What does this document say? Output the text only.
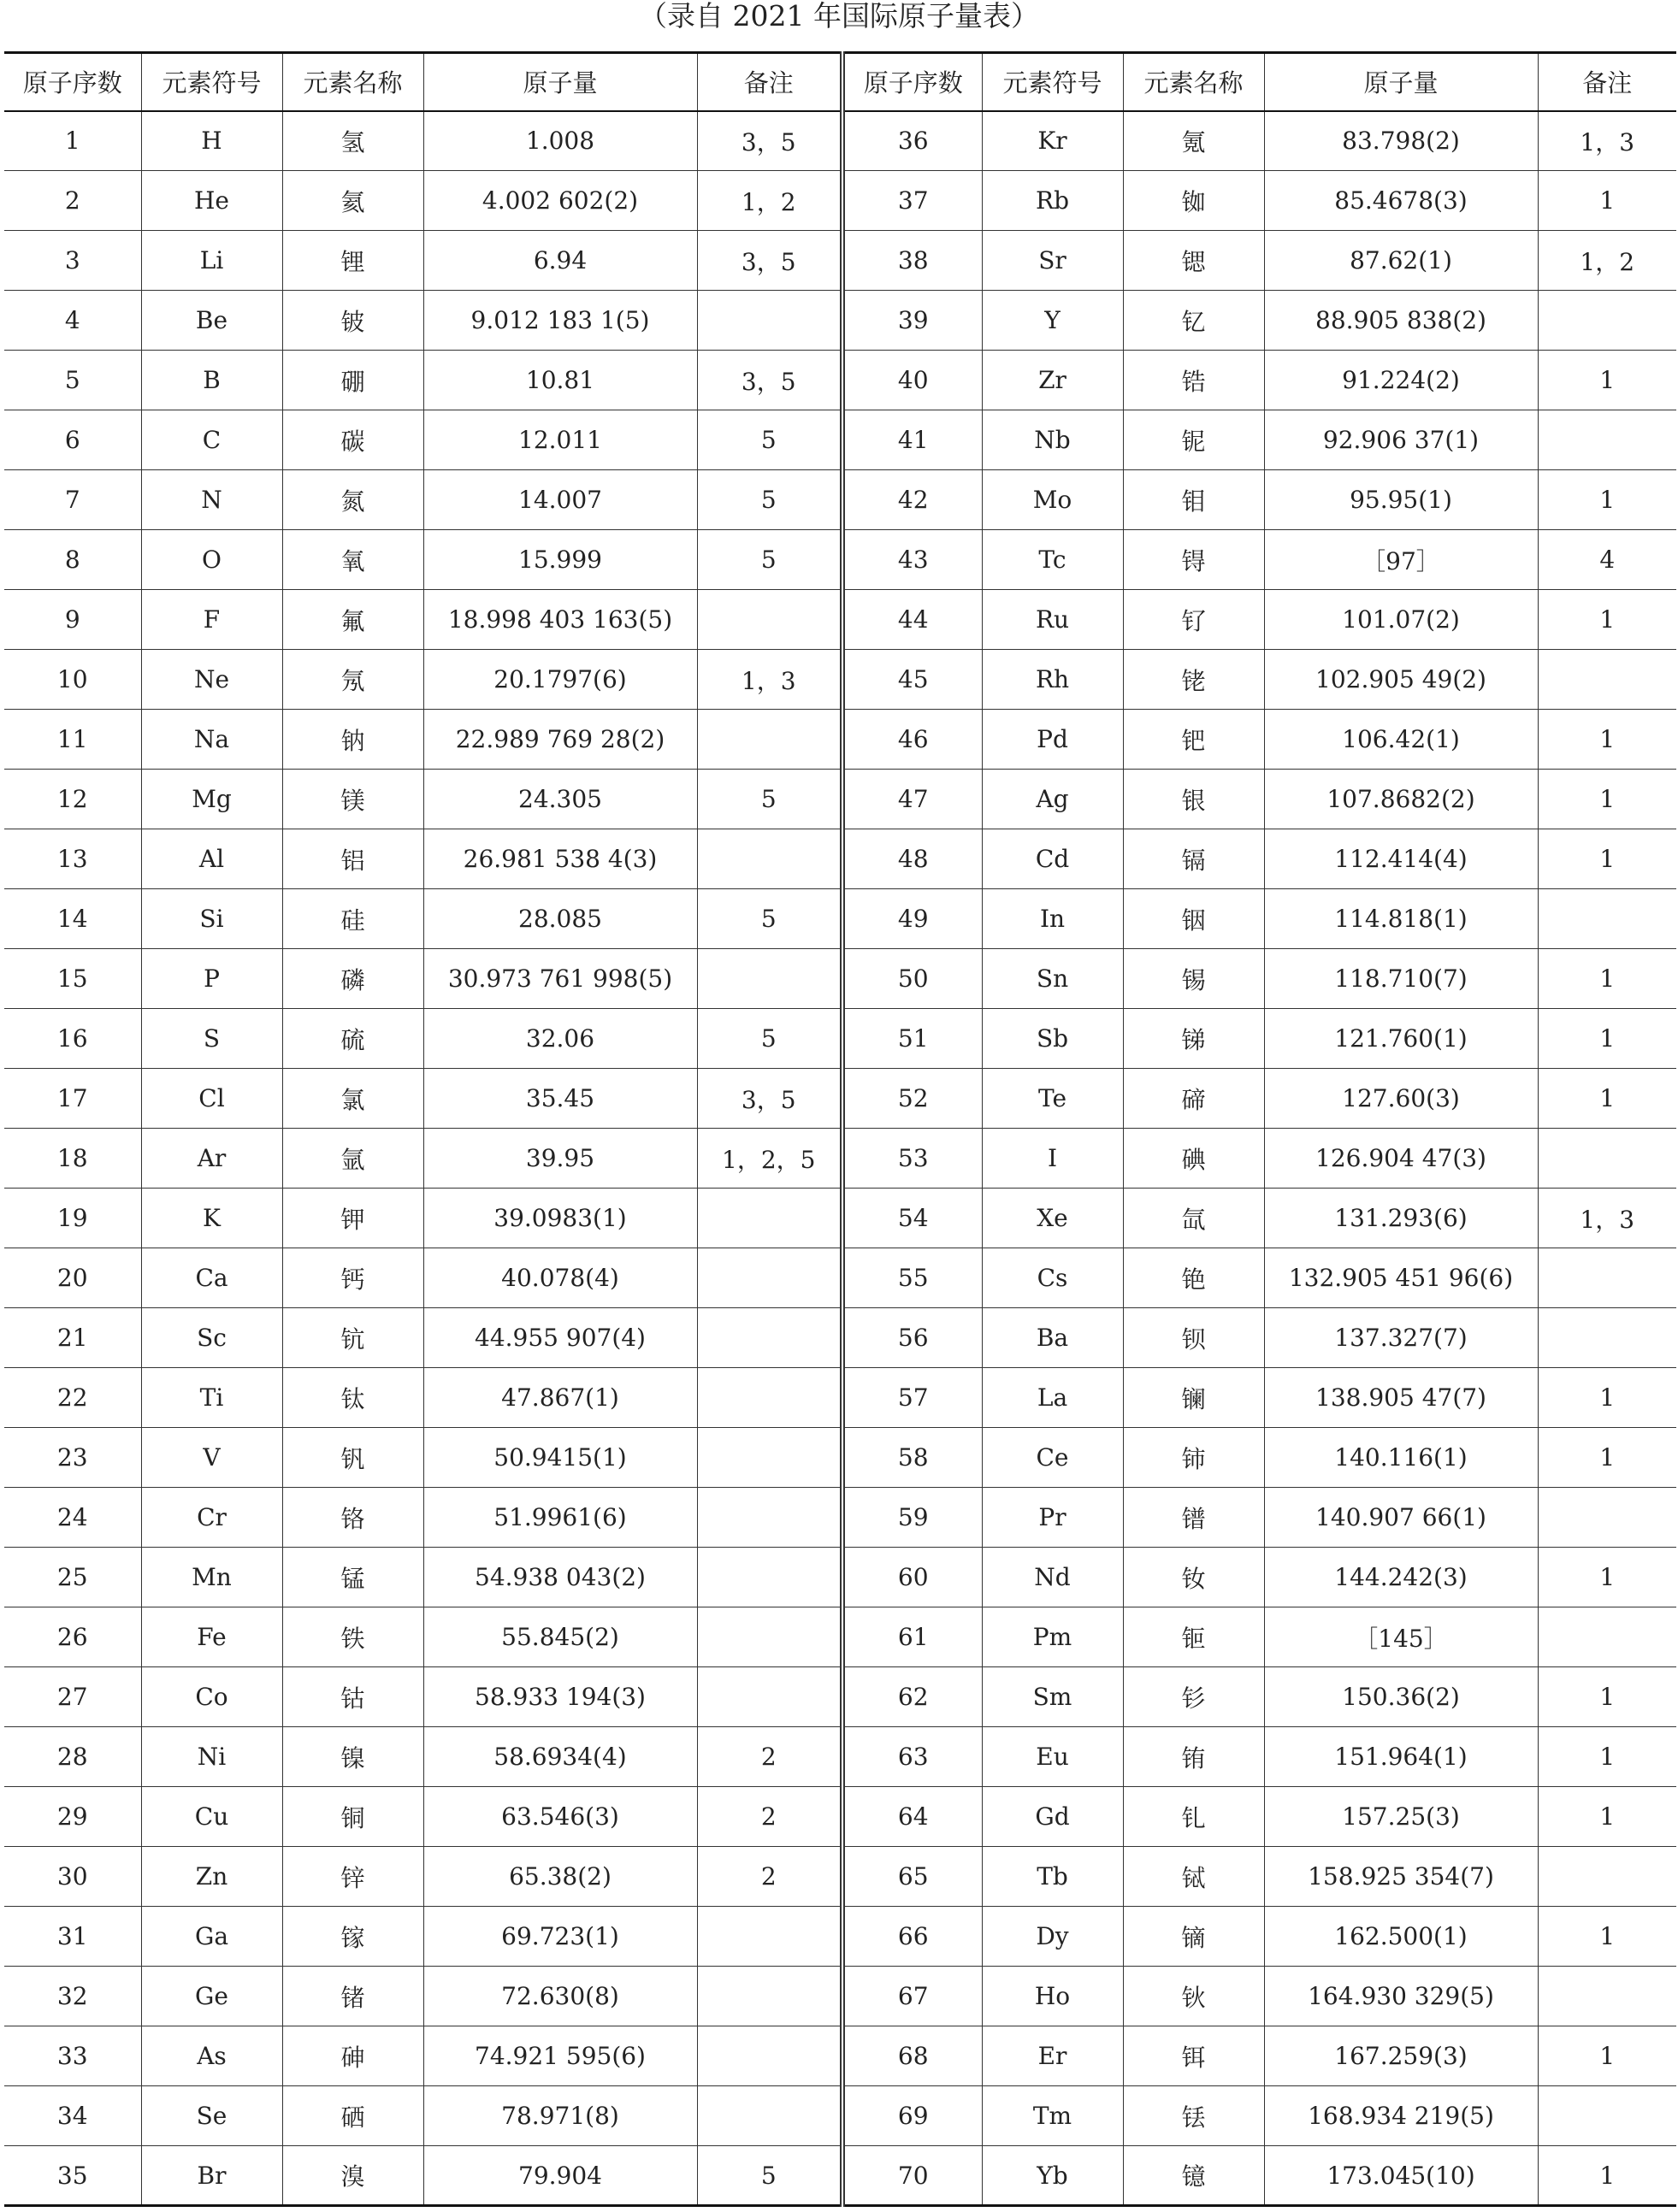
（录自 2021 年国际原子量表）
原子序数	元素符号	元素名称	原子量	备注	原子序数	元素符号	元素名称	原子量	备注
1	H	氢	1.008	3，5	36	Kr	氪	83.798(2)	1，3
2	He	氦	4.002 602(2)	1，2	37	Rb	铷	85.4678(3)	1
3	Li	锂	6.94	3，5	38	Sr	锶	87.62(1)	1，2
4	Be	铍	9.012 183 1(5)		39	Y	钇	88.905 838(2)	
5	B	硼	10.81	3，5	40	Zr	锆	91.224(2)	1
6	C	碳	12.011	5	41	Nb	铌	92.906 37(1)	
7	N	氮	14.007	5	42	Mo	钼	95.95(1)	1
8	O	氧	15.999	5	43	Tc	锝	［97］	4
9	F	氟	18.998 403 163(5)		44	Ru	钌	101.07(2)	1
10	Ne	氖	20.1797(6)	1，3	45	Rh	铑	102.905 49(2)	
11	Na	钠	22.989 769 28(2)		46	Pd	钯	106.42(1)	1
12	Mg	镁	24.305	5	47	Ag	银	107.8682(2)	1
13	Al	铝	26.981 538 4(3)		48	Cd	镉	112.414(4)	1
14	Si	硅	28.085	5	49	In	铟	114.818(1)	
15	P	磷	30.973 761 998(5)		50	Sn	锡	118.710(7)	1
16	S	硫	32.06	5	51	Sb	锑	121.760(1)	1
17	Cl	氯	35.45	3，5	52	Te	碲	127.60(3)	1
18	Ar	氩	39.95	1，2，5	53	I	碘	126.904 47(3)	
19	K	钾	39.0983(1)		54	Xe	氙	131.293(6)	1，3
20	Ca	钙	40.078(4)		55	Cs	铯	132.905 451 96(6)	
21	Sc	钪	44.955 907(4)		56	Ba	钡	137.327(7)	
22	Ti	钛	47.867(1)		57	La	镧	138.905 47(7)	1
23	V	钒	50.9415(1)		58	Ce	铈	140.116(1)	1
24	Cr	铬	51.9961(6)		59	Pr	镨	140.907 66(1)	
25	Mn	锰	54.938 043(2)		60	Nd	钕	144.242(3)	1
26	Fe	铁	55.845(2)		61	Pm	钷	［145］	
27	Co	钴	58.933 194(3)		62	Sm	钐	150.36(2)	1
28	Ni	镍	58.6934(4)	2	63	Eu	铕	151.964(1)	1
29	Cu	铜	63.546(3)	2	64	Gd	钆	157.25(3)	1
30	Zn	锌	65.38(2)	2	65	Tb	铽	158.925 354(7)	
31	Ga	镓	69.723(1)		66	Dy	镝	162.500(1)	1
32	Ge	锗	72.630(8)		67	Ho	钬	164.930 329(5)	
33	As	砷	74.921 595(6)		68	Er	铒	167.259(3)	1
34	Se	硒	78.971(8)		69	Tm	铥	168.934 219(5)	
35	Br	溴	79.904	5	70	Yb	镱	173.045(10)	1
